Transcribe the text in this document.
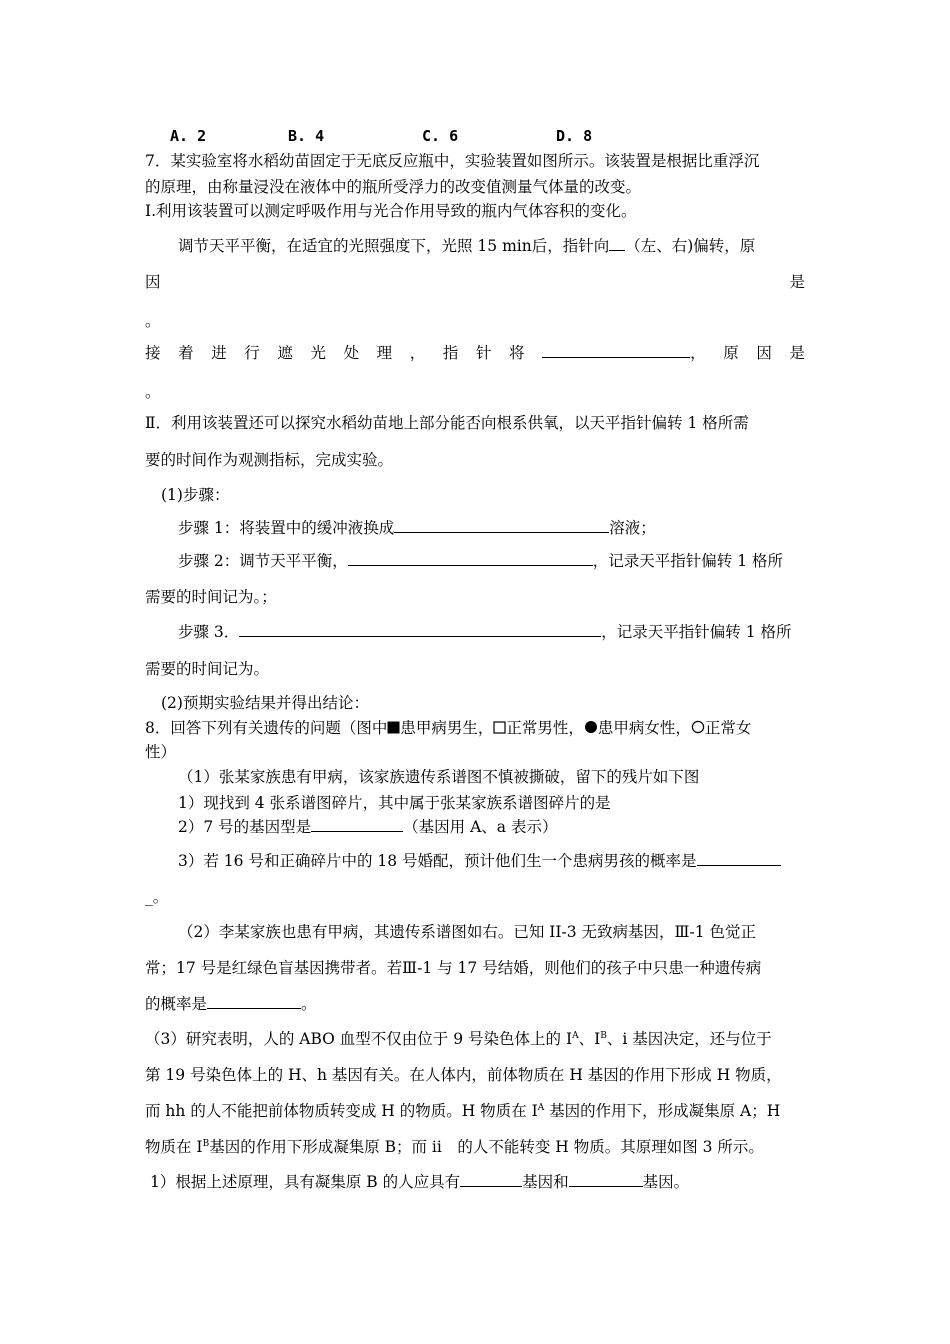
A. 2	B. 4	C. 6	D. 8
7．某实验室将水稻幼苗固定于无底反应瓶中，实验装置如图所示。该装置是根据比重浮沉
的原理，由称量浸没在液体中的瓶所受浮力的改变值测量气体量的改变。
I.利用该装置可以测定呼吸作用与光合作用导致的瓶内气体容积的变化。
调节天平平衡，在适宜的光照强度下，光照 15 min后，指针向 （左、右)偏转，原
因	是
。
接 着 进 行 遮 光 处 理 ， 指 针 将	， 原 因 是
。
Ⅱ．利用该装置还可以探究水稻幼苗地上部分能否向根系供氧，以天平指针偏转 1 格所需
要的时间作为观测指标，完成实验。
(1)步骤：
步骤 1：将装置中的缓冲液换成	溶液；
步骤 2：调节天平平衡，	，记录天平指针偏转 1 格所
需要的时间记为。；
步骤 3．	，记录天平指针偏转 1 格所
需要的时间记为。
(2)预期实验结果并得出结论：
8．回答下列有关遗传的问题（图中 患甲病男生， 正常男性， 患甲病女性， 正常女
性）
（1）张某家族患有甲病，该家族遗传系谱图不慎被撕破，留下的残片如下图
1）现找到 4 张系谱图碎片，其中属于张某家族系谱图碎片的是
2）7 号的基因型是	（基因用 A、a 表示）
3）若 16 号和正确碎片中的 18 号婚配，预计他们生一个患病男孩的概率是
_。
（2）李某家族也患有甲病，其遗传系谱图如右。已知 II-3 无致病基因，Ⅲ-1 色觉正
常；17 号是红绿色盲基因携带者。若Ⅲ-1 与 17 号结婚，则他们的孩子中只患一种遗传病
的概率是	。
（3）研究表明，人的 ABO 血型不仅由位于 9 号染色体上的 $I^A$、$I^B$、i 基因决定，还与位于
第 19 号染色体上的 H、h 基因有关。在人体内，前体物质在 H 基因的作用下形成 H 物质，
而 hh 的人不能把前体物质转变成 H 的物质。H 物质在 $I^A$ 基因的作用下，形成凝集原 A；H
物质在 $I^B$基因的作用下形成凝集原 B；而 ii　的人不能转变 H 物质。其原理如图 3 所示。
1）根据上述原理，具有凝集原 B 的人应具有	基因和	基因。
